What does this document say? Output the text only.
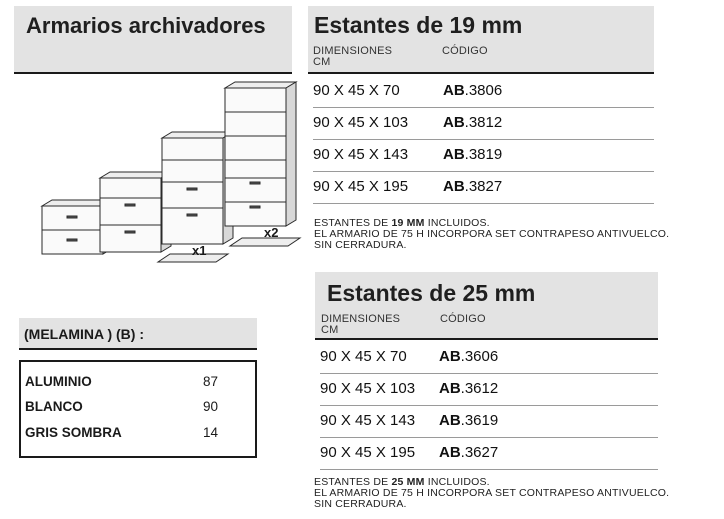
Armarios archivadores
x1
x2
(MELAMINA ) (B) :
ALUMINIO	87
BLANCO	90
GRIS SOMBRA	14
Estantes de 19 mm
DIMENSIONES
CM
CÓDIGO
90 X 45 X 70	AB.3806
90 X 45 X 103 AB.3812
90 X 45 X 143 AB.3819
90 X 45 X 195 AB.3827
ESTANTES DE 19 MM INCLUIDOS.
EL ARMARIO DE 75 H INCORPORA SET CONTRAPESO ANTIVUELCO.
SIN CERRADURA.
Estantes de 25 mm
DIMENSIONES
CM
CÓDIGO
90 X 45 X 70 AB.3606
90 X 45 X 103 AB.3612
90 X 45 X 143 AB.3619
90 X 45 X 195 AB.3627
ESTANTES DE 25 MM INCLUIDOS.
EL ARMARIO DE 75 H INCORPORA SET CONTRAPESO ANTIVUELCO.
SIN CERRADURA.
